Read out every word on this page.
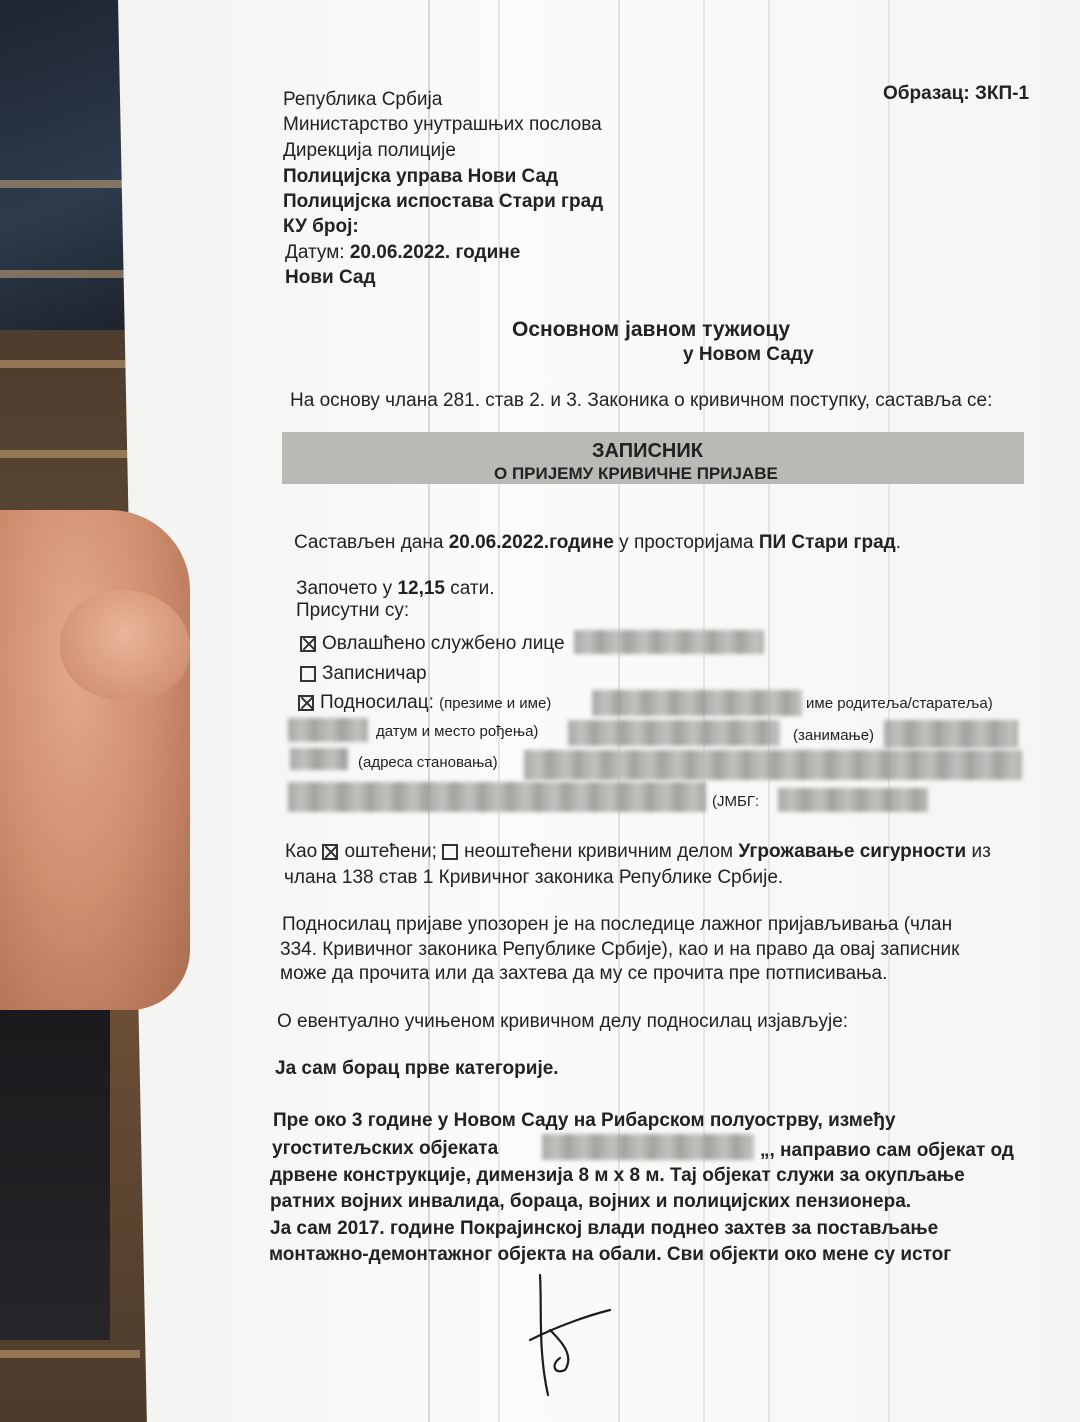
Република Србија
Министарство унутрашњих послова
Дирекција полиције
Полицијска управа Нови Сад
Полицијска испостава Стари град
КУ број:
Датум: 20.06.2022. године
Нови Сад
Образац: ЗКП-1
Основном јавном тужиоцу
у Новом Саду
На основу члана 281. став 2. и 3. Законика о кривичном поступку, саставља се:
ЗАПИСНИК
О ПРИЈЕМУ КРИВИЧНЕ ПРИЈАВЕ
Састављен дана 20.06.2022.године у просторијама ПИ Стари град.
Започето у 12,15 сати.
Присутни су:
Овлашћено службено лице
Записничар
Подносилац: (презиме и име)	име родитеља/старатеља)
датум и место рођења)	(занимање)
(адреса становања)
(ЈМБГ:
Као оштећени; неоштећени кривичним делом Угрожавање сигурности из
члана 138 став 1 Кривичног законика Републике Србије.
Подносилац пријаве упозорен је на последице лажног пријављивања (члан
334. Кривичног законика Републике Србије), као и на право да овај записник
може да прочита или да захтева да му се прочита пре потписивања.
О евентуално учињеном кривичном делу подносилац изјављује:
Ја сам борац прве категорије.
Пре око 3 године у Новом Саду на Рибарском полуострву, између
угоститељских објеката	„, направио сам објекат од
дрвене конструкције, димензија 8 м х 8 м. Тај објекат служи за окупљање
ратних војних инвалида, бораца, војних и полицијских пензионера.
Ја сам 2017. године Покрајинској влади поднео захтев за постављање
монтажно-демонтажног објекта на обали. Сви објекти око мене су истог
